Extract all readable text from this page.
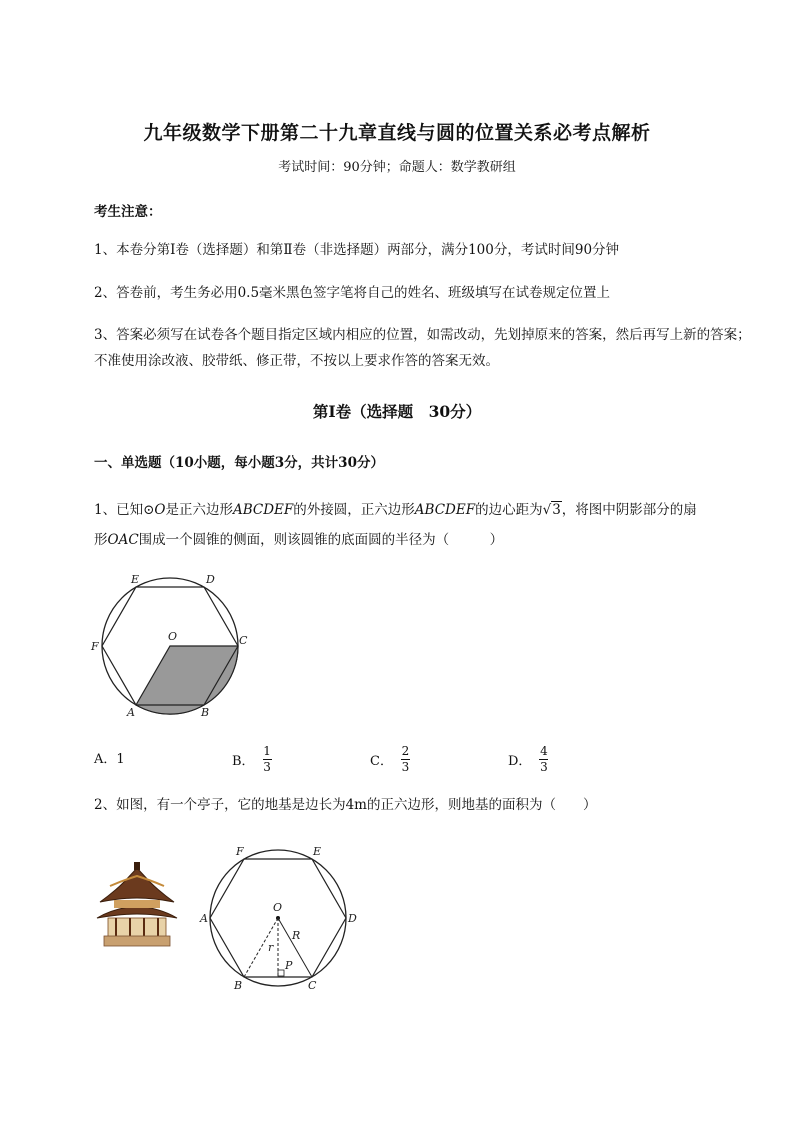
九年级数学下册第二十九章直线与圆的位置关系必考点解析
考试时间：90分钟；命题人：数学教研组
考生注意：
1、本卷分第I卷（选择题）和第Ⅱ卷（非选择题）两部分，满分100分，考试时间90分钟
2、答卷前，考生务必用0.5毫米黑色签字笔将自己的姓名、班级填写在试卷规定位置上
3、答案必须写在试卷各个题目指定区域内相应的位置，如需改动，先划掉原来的答案，然后再写上新的答案；不准使用涂改液、胶带纸、修正带，不按以上要求作答的答案无效。
第I卷（选择题　30分）
一、单选题（10小题，每小题3分，共计30分）
1、已知⊙O是正六边形ABCDEF的外接圆，正六边形ABCDEF的边心距为√3，将图中阴影部分的扇
形OAC围成一个圆锥的侧面，则该圆锥的底面圆的半径为（　　　）
E	D
F
O	C
A	B
A．1	B． $\frac{1}{3}$	C． $\frac{2}{3}$	D． $\frac{4}{3}$
2、如图，有一个亭子，它的地基是边长为4m的正六边形，则地基的面积为（　　）
F	E
A
O
D
R
r
P
B	C
